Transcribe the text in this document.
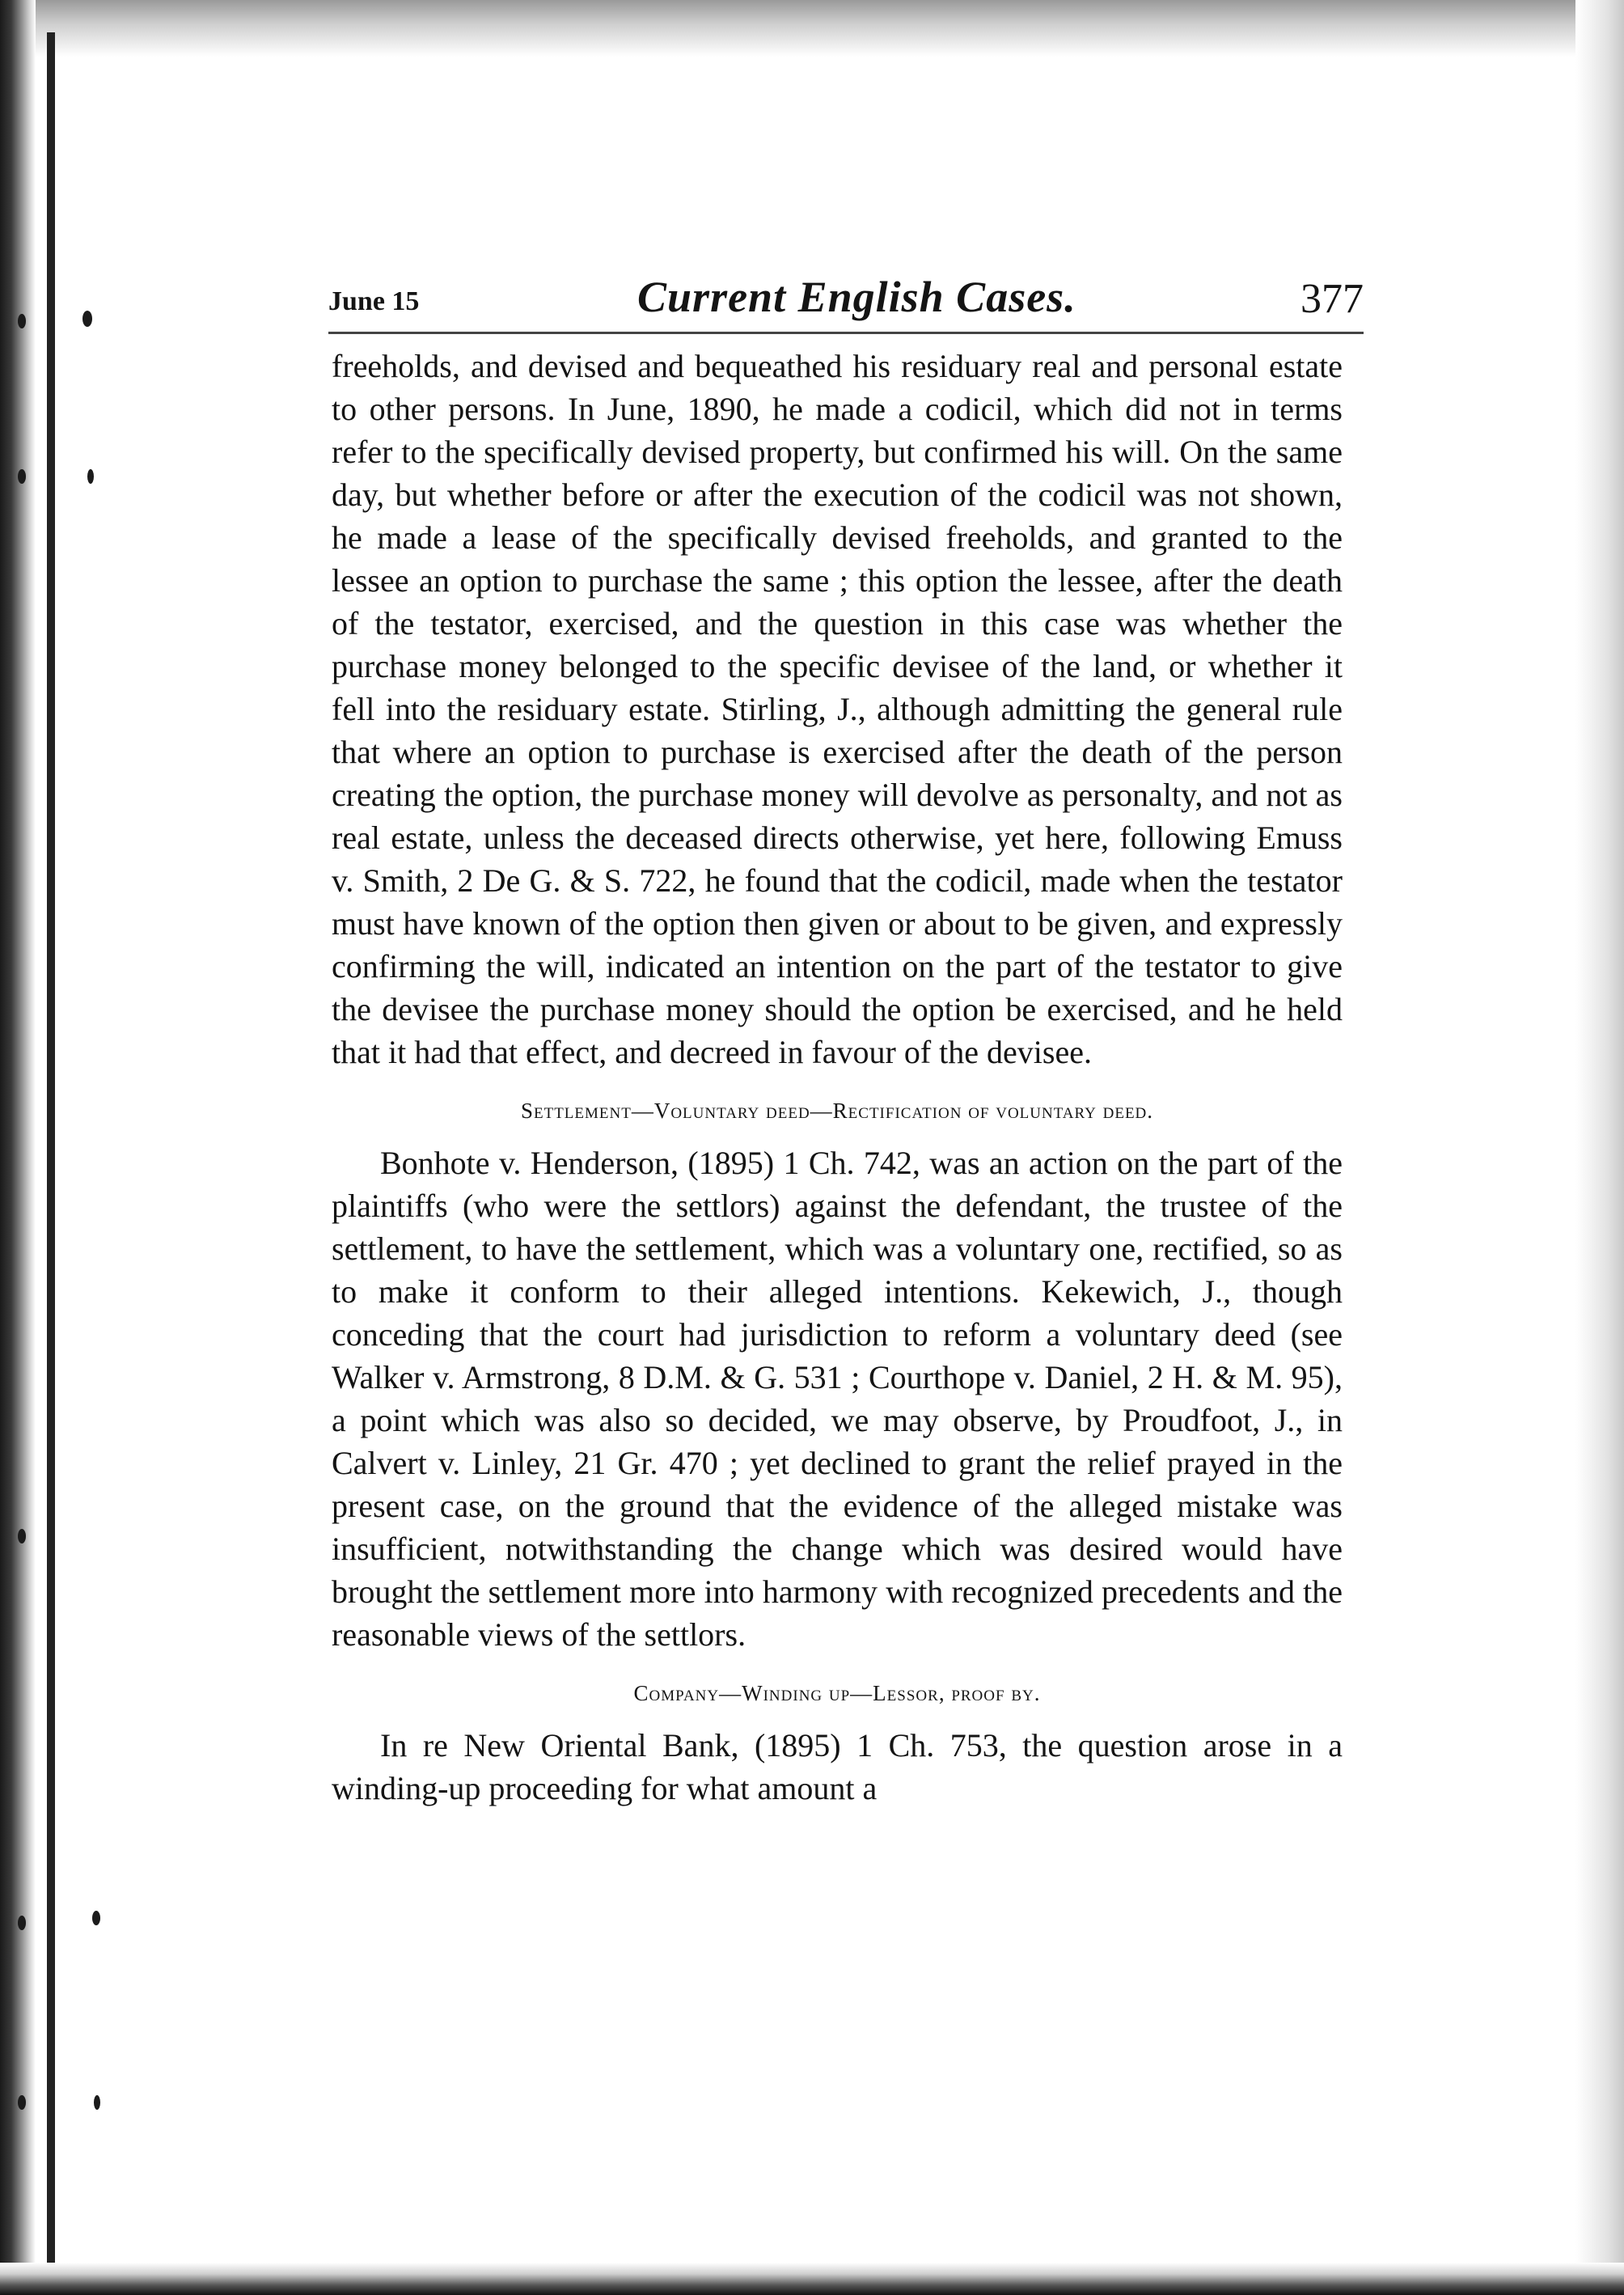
June 15	Current English Cases.	377

freeholds, and devised and bequeathed his residuary real and personal estate to other persons. In June, 1890, he made a codicil, which did not in terms refer to the specifically devised property, but confirmed his will. On the same day, but whether before or after the execution of the codicil was not shown, he made a lease of the specifically devised freeholds, and granted to the lessee an option to purchase the same ; this option the lessee, after the death of the testator, exercised, and the question in this case was whether the purchase money belonged to the specific devisee of the land, or whether it fell into the residuary estate. Stirling, J., although admitting the general rule that where an option to purchase is exercised after the death of the person creating the option, the purchase money will devolve as personalty, and not as real estate, unless the deceased directs otherwise, yet here, following Emuss v. Smith, 2 De G. & S. 722, he found that the codicil, made when the testator must have known of the option then given or about to be given, and expressly confirming the will, indicated an intention on the part of the testator to give the devisee the purchase money should the option be exercised, and he held that it had that effect, and decreed in favour of the devisee.

Settlement—Voluntary deed—Rectification of voluntary deed.

Bonhote v. Henderson, (1895) 1 Ch. 742, was an action on the part of the plaintiffs (who were the settlors) against the defendant, the trustee of the settlement, to have the settlement, which was a voluntary one, rectified, so as to make it conform to their alleged intentions. Kekewich, J., though conceding that the court had jurisdiction to reform a voluntary deed (see Walker v. Armstrong, 8 D.M. & G. 531 ; Courthope v. Daniel, 2 H. & M. 95), a point which was also so decided, we may observe, by Proudfoot, J., in Calvert v. Linley, 21 Gr. 470 ; yet declined to grant the relief prayed in the present case, on the ground that the evidence of the alleged mistake was insufficient, notwithstanding the change which was desired would have brought the settlement more into harmony with recognized precedents and the reasonable views of the settlors.

Company—Winding up—Lessor, proof by.

In re New Oriental Bank, (1895) 1 Ch. 753, the question arose in a winding-up proceeding for what amount a
